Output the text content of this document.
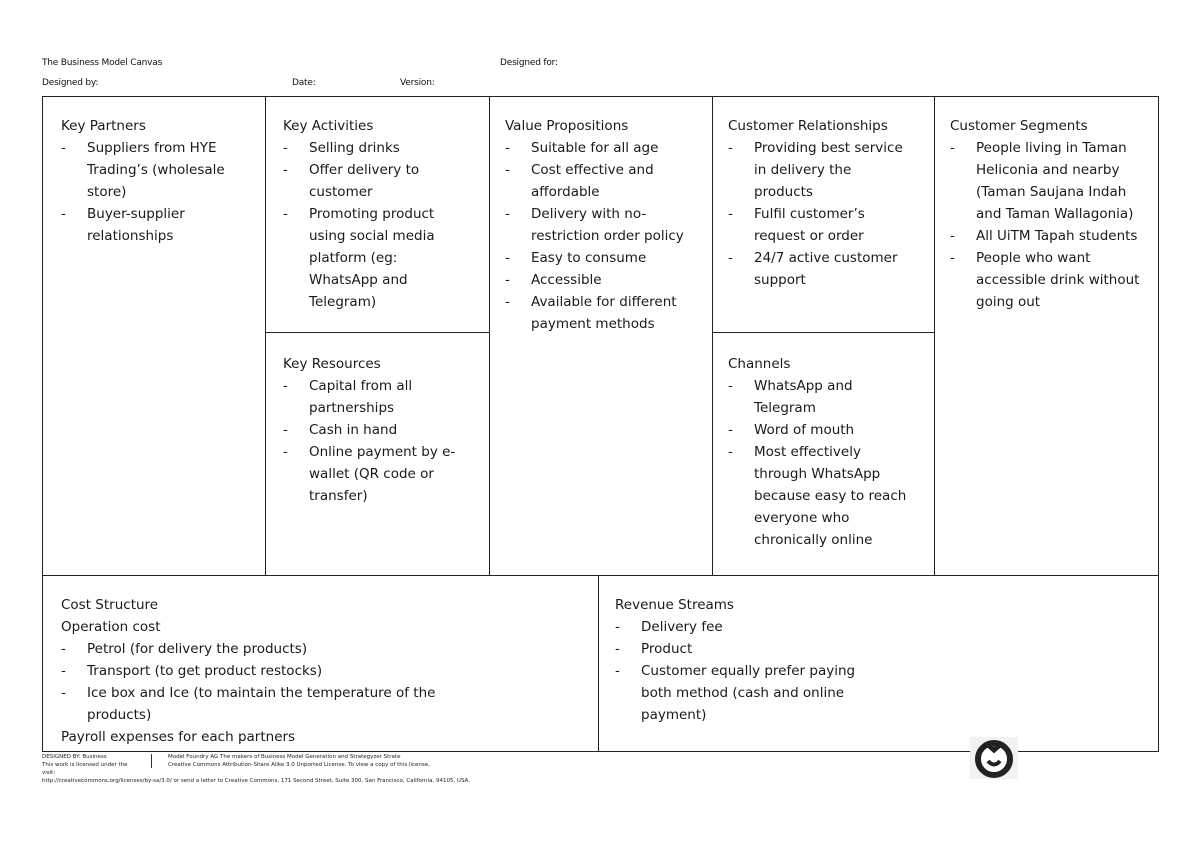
The Business Model Canvas	Designed for:
Designed by:	Date:	Version:
Key Partners
- Suppliers from HYE Trading’s (wholesale store)
- Buyer-supplier relationships
Key Activities
- Selling drinks
- Offer delivery to customer
- Promoting product using social media platform (eg: WhatsApp and Telegram)
Key Resources
- Capital from all partnerships
- Cash in hand
- Online payment by e-wallet (QR code or transfer)
Value Propositions
- Suitable for all age
- Cost effective and affordable
- Delivery with no-restriction order policy
- Easy to consume
- Accessible
- Available for different payment methods
Customer Relationships
- Providing best service in delivery the products
- Fulfil customer’s request or order
- 24/7 active customer support
Channels
- WhatsApp and Telegram
- Word of mouth
- Most effectively through WhatsApp because easy to reach everyone who chronically online
Customer Segments
- People living in Taman Heliconia and nearby (Taman Saujana Indah and Taman Wallagonia)
- All UiTM Tapah students
- People who want accessible drink without going out
Cost Structure
Operation cost
- Petrol (for delivery the products)
- Transport (to get product restocks)
- Ice box and Ice (to maintain the temperature of the products)
Payroll expenses for each partners
Revenue Streams
- Delivery fee
- Product
- Customer equally prefer paying both method (cash and online payment)
DESIGNED BY: Business	Model Foundry AG The makers of Business Model Generation and Strategyzer Strate
This work is licensed under the	Creative Commons Attribution-Share Alike 3.0 Unported License. To view a copy of this license,
visit:
http://creativecommons.org/licenses/by-sa/3.0/ or send a letter to Creative Commons, 171 Second Street, Suite 300, San Francisco, California, 94105, USA.
